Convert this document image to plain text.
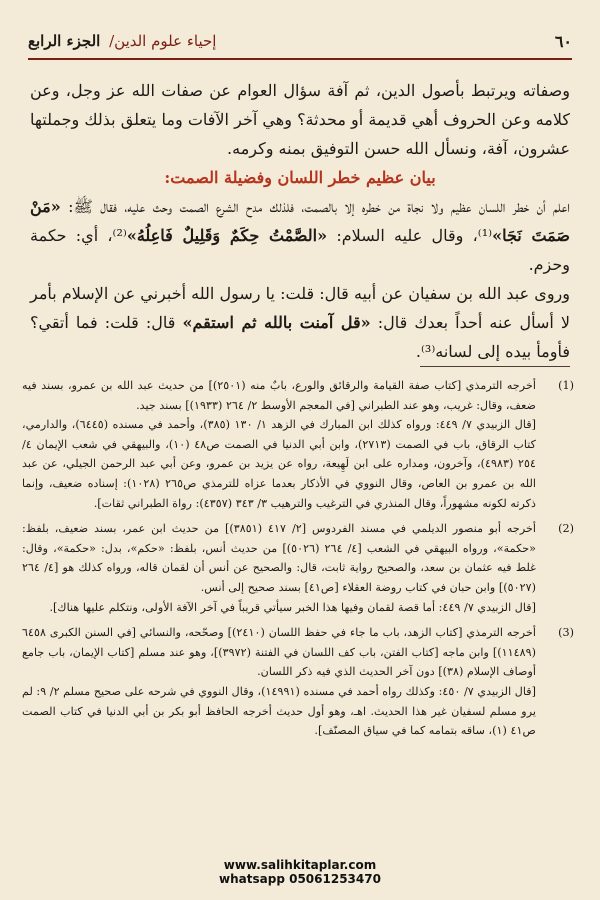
٦٠
إحياء علوم الدين/ الجزء الرابع

وصفاته ويرتبط بأصول الدين، ثم آفة سؤال العوام عن صفات الله عز وجل، وعن كلامه وعن الحروف أهي قديمة أو محدثة؟ وهي آخر الآفات وما يتعلق بذلك وجملتها عشرون، آفة، ونسأل الله حسن التوفيق بمنه وكرمه.

بيان عظيم خطر اللسان وفضيلة الصمت:

اعلم أن خطر اللسان عظيم ولا نجاة من خطره إلا بالصمت، فلذلك مدح الشرع الصمت وحث عليه، فقال ﷺ: «مَنْ صَمَتَ نَجَا»⁽¹⁾، وقال عليه السلام: «الصَّمْتُ حِكَمٌ وَقَلِيلٌ فَاعِلُهُ»⁽²⁾، أي: حكمة وحزم.

وروى عبد الله بن سفيان عن أبيه قال: قلت: يا رسول الله أخبرني عن الإسلام بأمر لا أسأل عنه أحداً بعدك قال: «قل آمنت بالله ثم استقم» قال: قلت: فما أتقي؟ فأومأ بيده إلى لسانه⁽³⁾.

(1)

أخرجه الترمذي [كتاب صفة القيامة والرقائق والورع، بابٌ منه (٢٥٠١)] من حديث عبد الله بن عمرو، بسند فيه ضعف، وقال: غريب، وهو عند الطبراني [في المعجم الأوسط ٢/ ٢٦٤ (١٩٣٣)] بسند جيد.

[قال الزبيدي ٧/ ٤٤٩: ورواه كذلك ابن المبارك في الزهد ١/ ١٣٠ (٣٨٥)، وأحمد في مسنده (٦٤٤٥)، والدارمي، كتاب الرقاق، باب في الصمت (٢٧١٣)، وابن أبي الدنيا في الصمت ص٤٨ (١٠)، والبيهقي في شعب الإيمان ٤/ ٢٥٤ (٤٩٨٣)، وآخرون، ومداره على ابن لَهِيعة، رواه عن يزيد بن عمرو، وعن أبي عبد الرحمن الجيلي، عن عبد الله بن عمرو بن العاص، وقال النووي في الأذكار بعدما عزاه للترمذي ص٢٦٥ (١٠٢٨): إسناده ضعيف، وإنما ذكرته لكونه مشهوراً، وقال المنذري في الترغيب والترهيب ٣/ ٣٤٣ (٤٣٥٧): رواة الطبراني ثقات].

(2)

أخرجه أبو منصور الديلمي في مسند الفردوس [٢/ ٤١٧ (٣٨٥١)] من حديث ابن عمر، بسند ضعيف، بلفظ: «حكمة»، ورواه البيهقي في الشعب [٤/ ٢٦٤ (٥٠٢٦)] من حديث أنس، بلفظ: «حكم»، بدل: «حكمة»، وقال: غلط فيه عثمان بن سعد، والصحيح رواية ثابت، قال: والصحيح عن أنس أن لقمان قاله، ورواه كذلك هو [٤/ ٢٦٤ (٥٠٢٧)] وابن حبان في كتاب روضة العقلاء [ص٤١] بسند صحيح إلى أنس.

[قال الزبيدي ٧/ ٤٤٩: أما قصة لقمان وفيها هذا الخبر سيأتي قريباً في آخر الآفة الأولى، ونتكلم عليها هناك].

(3)

أخرجه الترمذي [كتاب الزهد، باب ما جاء في حفظ اللسان (٢٤١٠)] وصحّحه، والنسائي [في السنن الكبرى ٦٤٥٨ (١١٤٨٩)] وابن ماجه [كتاب الفتن، باب كف اللسان في الفتنة (٣٩٧٢)]، وهو عند مسلم [كتاب الإيمان، باب جامع أوصاف الإسلام (٣٨)] دون آخر الحديث الذي فيه ذكر اللسان.

[قال الزبيدي ٧/ ٤٥٠: وكذلك رواه أحمد في مسنده (١٤٩٩١)، وقال النووي في شرحه على صحيح مسلم ٢/ ٩: لم يرو مسلم لسفيان غير هذا الحديث. اهـ، وهو أول حديث أخرجه الحافظ أبو بكر بن أبي الدنيا في كتاب الصمت ص٤١ (١)، ساقه بتمامه كما في سياق المصنّف].

www.salihkitaplar.com
whatsapp 05061253470
